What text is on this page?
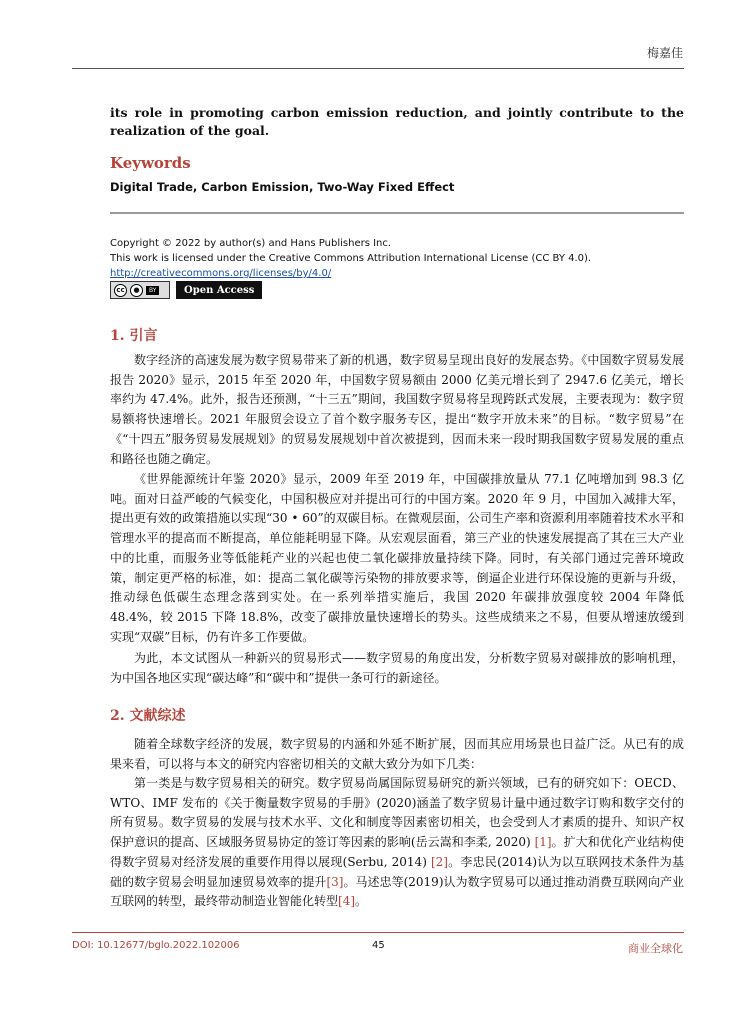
梅嘉佳
its role in promoting carbon emission reduction, and jointly contribute to the realization of the goal.
Keywords
Digital Trade, Carbon Emission, Two-Way Fixed Effect
Copyright © 2022 by author(s) and Hans Publishers Inc.
This work is licensed under the Creative Commons Attribution International License (CC BY 4.0).
http://creativecommons.org/licenses/by/4.0/
cc	●	BY	Open Access
1. 引言

数字经济的高速发展为数字贸易带来了新的机遇，数字贸易呈现出良好的发展态势。《中国数字贸易发展报告 2020》显示，2015 年至 2020 年，中国数字贸易额由 2000 亿美元增长到了 2947.6 亿美元，增长率约为 47.4%。此外，报告还预测，“十三五”期间，我国数字贸易将呈现跨跃式发展，主要表现为：数字贸易额将快速增长。2021 年服贸会设立了首个数字服务专区，提出“数字开放未来”的目标。“数字贸易”在《“十四五”服务贸易发展规划》的贸易发展规划中首次被提到，因而未来一段时期我国数字贸易发展的重点和路径也随之确定。

《世界能源统计年鉴 2020》显示，2009 年至 2019 年，中国碳排放量从 77.1 亿吨增加到 98.3 亿吨。面对日益严峻的气候变化，中国积极应对并提出可行的中国方案。2020 年 9 月，中国加入减排大军，提出更有效的政策措施以实现“30 • 60”的双碳目标。在微观层面，公司生产率和资源利用率随着技术水平和管理水平的提高而不断提高，单位能耗明显下降。从宏观层面看，第三产业的快速发展提高了其在三大产业中的比重，而服务业等低能耗产业的兴起也使二氧化碳排放量持续下降。同时，有关部门通过完善环境政策，制定更严格的标准，如：提高二氧化碳等污染物的排放要求等，倒逼企业进行环保设施的更新与升级，推动绿色低碳生态理念落到实处。在一系列举措实施后，我国 2020 年碳排放强度较 2004 年降低 48.4%，较 2015 下降 18.8%，改变了碳排放量快速增长的势头。这些成绩来之不易，但要从增速放缓到实现“双碳”目标，仍有许多工作要做。

为此，本文试图从一种新兴的贸易形式——数字贸易的角度出发，分析数字贸易对碳排放的影响机理，为中国各地区实现“碳达峰”和“碳中和”提供一条可行的新途径。

2. 文献综述

随着全球数字经济的发展，数字贸易的内涵和外延不断扩展，因而其应用场景也日益广泛。从已有的成果来看，可以将与本文的研究内容密切相关的文献大致分为如下几类：

第一类是与数字贸易相关的研究。数字贸易尚属国际贸易研究的新兴领域，已有的研究如下：OECD、WTO、IMF 发布的《关于衡量数字贸易的手册》(2020)涵盖了数字贸易计量中通过数字订购和数字交付的所有贸易。数字贸易的发展与技术水平、文化和制度等因素密切相关，也会受到人才素质的提升、知识产权保护意识的提高、区域服务贸易协定的签订等因素的影响(岳云嵩和李柔, 2020) [1]。扩大和优化产业结构使得数字贸易对经济发展的重要作用得以展现(Serbu, 2014) [2]。李忠民(2014)认为以互联网技术条件为基础的数字贸易会明显加速贸易效率的提升[3]。马述忠等(2019)认为数字贸易可以通过推动消费互联网向产业互联网的转型，最终带动制造业智能化转型[4]。

DOI: 10.12677/bglo.2022.102006	45	商业全球化
